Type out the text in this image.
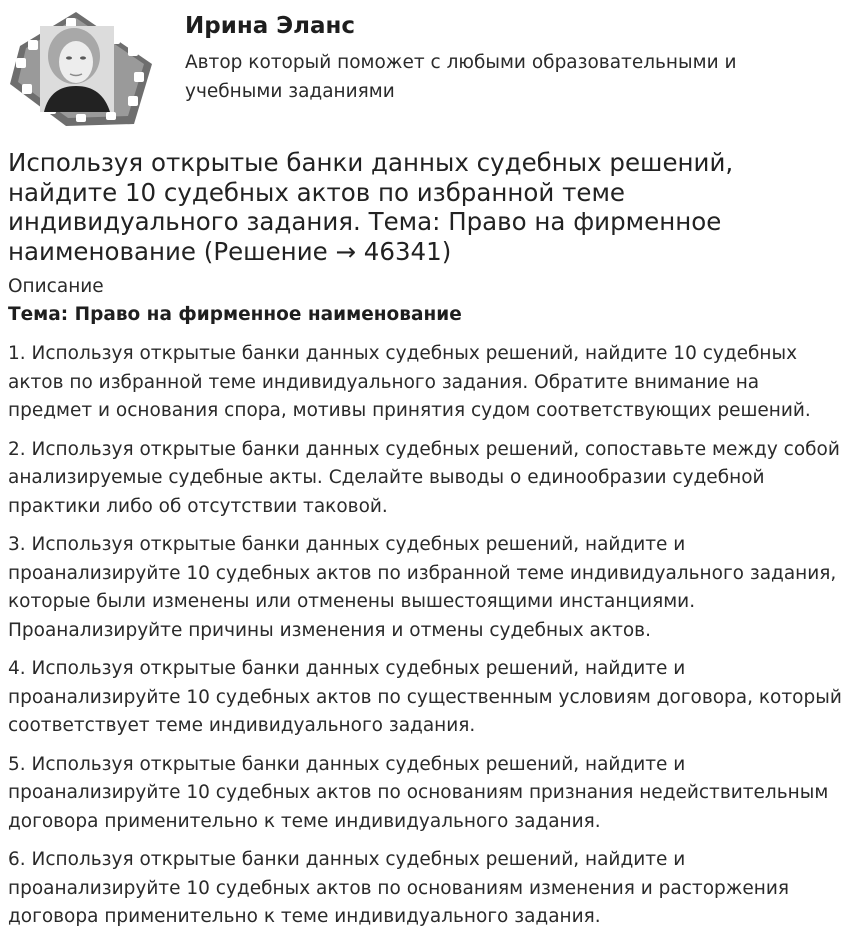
Ирина Эланс
Автор который поможет с любыми образовательными и учебными заданиями
Используя открытые банки данных судебных решений, найдите 10 судебных актов по избранной теме индивидуального задания. Тема: Право на фирменное наименование (Решение → 46341)
Описание
Тема: Право на фирменное наименование

1. Используя открытые банки данных судебных решений, найдите 10 судебных актов по избранной теме индивидуального задания. Обратите внимание на предмет и основания спора, мотивы принятия судом соответствующих решений.

2. Используя открытые банки данных судебных решений, сопоставьте между собой анализируемые судебные акты. Сделайте выводы о единообразии судебной практики либо об отсутствии таковой.

3. Используя открытые банки данных судебных решений, найдите и проанализируйте 10 судебных актов по избранной теме индивидуального задания, которые были изменены или отменены вышестоящими инстанциями. Проанализируйте причины изменения и отмены судебных актов.

4. Используя открытые банки данных судебных решений, найдите и проанализируйте 10 судебных актов по существенным условиям договора, который соответствует теме индивидуального задания.

5. Используя открытые банки данных судебных решений, найдите и проанализируйте 10 судебных актов по основаниям признания недействительным договора применительно к теме индивидуального задания.

6. Используя открытые банки данных судебных решений, найдите и проанализируйте 10 судебных актов по основаниям изменения и расторжения договора применительно к теме индивидуального задания.
